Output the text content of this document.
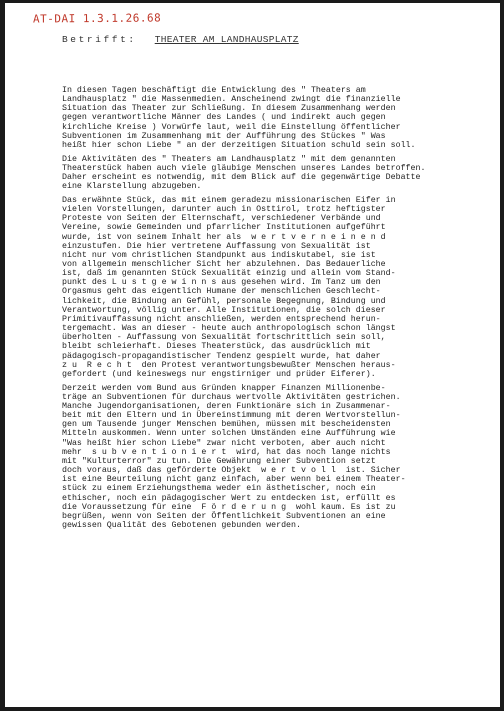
AT-DAI 1.3.1.26.68
Betrifft: THEATER AM LANDHAUSPLATZ

In diesen Tagen beschäftigt die Entwicklung des " Theaters am
Landhausplatz " die Massenmedien. Anscheinend zwingt die finanzielle
Situation das Theater zur Schließung. In diesem Zusammenhang werden
gegen verantwortliche Männer des Landes ( und indirekt auch gegen
kirchliche Kreise ) Vorwürfe laut, weil die Einstellung öffentlicher
Subventionen im Zusammenhang mit der Aufführung des Stückes " Was
heißt hier schon Liebe " an der derzeitigen Situation schuld sein soll.

Die Aktivitäten des " Theaters am Landhausplatz " mit dem genannten
Theaterstück haben auch viele gläubige Menschen unseres Landes betroffen.
Daher erscheint es notwendig, mit dem Blick auf die gegenwärtige Debatte
eine Klarstellung abzugeben.

Das erwähnte Stück, das mit einem geradezu missionarischen Eifer in
vielen Vorstellungen, darunter auch in Osttirol, trotz heftigster
Proteste von Seiten der Elternschaft, verschiedener Verbände und
Vereine, sowie Gemeinden und pfarrlicher Institutionen aufgeführt
wurde, ist von seinem Inhalt her als  w e r t v e r n e i n e n d
einzustufen. Die hier vertretene Auffassung von Sexualität ist
nicht nur vom christlichen Standpunkt aus indiskutabel, sie ist
von allgemein menschlicher Sicht her abzulehnen. Das Bedauerliche
ist, daß im genannten Stück Sexualität einzig und allein vom Stand-
punkt des L u s t g e w i n n s aus gesehen wird. Im Tanz um den
Orgasmus geht das eigentlich Humane der menschlichen Geschlecht-
lichkeit, die Bindung an Gefühl, personale Begegnung, Bindung und
Verantwortung, völlig unter. Alle Institutionen, die solch dieser
Primitivauffassung nicht anschließen, werden entsprechend herun-
tergemacht. Was an dieser - heute auch anthropologisch schon längst
überholten - Auffassung von Sexualität fortschrittlich sein soll,
bleibt schleierhaft. Dieses Theaterstück, das ausdrücklich mit
pädagogisch-propagandistischer Tendenz gespielt wurde, hat daher
z u  R e c h t  den Protest verantwortungsbewußter Menschen heraus-
gefordert (und keineswegs nur engstirniger und prüder Eiferer).

Derzeit werden vom Bund aus Gründen knapper Finanzen Millionenbe-
träge an Subventionen für durchaus wertvolle Aktivitäten gestrichen.
Manche Jugendorganisationen, deren Funktionäre sich in Zusammenar-
beit mit den Eltern und in Übereinstimmung mit deren Wertvorstellun-
gen um Tausende junger Menschen bemühen, müssen mit bescheidensten
Mitteln auskommen. Wenn unter solchen Umständen eine Aufführung wie
"Was heißt hier schon Liebe" zwar nicht verboten, aber auch nicht
mehr  s u b v e n t i o n i e r t  wird, hat das noch lange nichts
mit "Kulturterror" zu tun. Die Gewährung einer Subvention setzt
doch voraus, daß das geförderte Objekt  w e r t v o l l  ist. Sicher
ist eine Beurteilung nicht ganz einfach, aber wenn bei einem Theater-
stück zu einem Erziehungsthema weder ein ästhetischer, noch ein
ethischer, noch ein pädagogischer Wert zu entdecken ist, erfüllt es
die Voraussetzung für eine  F ö r d e r u n g  wohl kaum. Es ist zu
begrüßen, wenn von Seiten der Öffentlichkeit Subventionen an eine
gewissen Qualität des Gebotenen gebunden werden.
